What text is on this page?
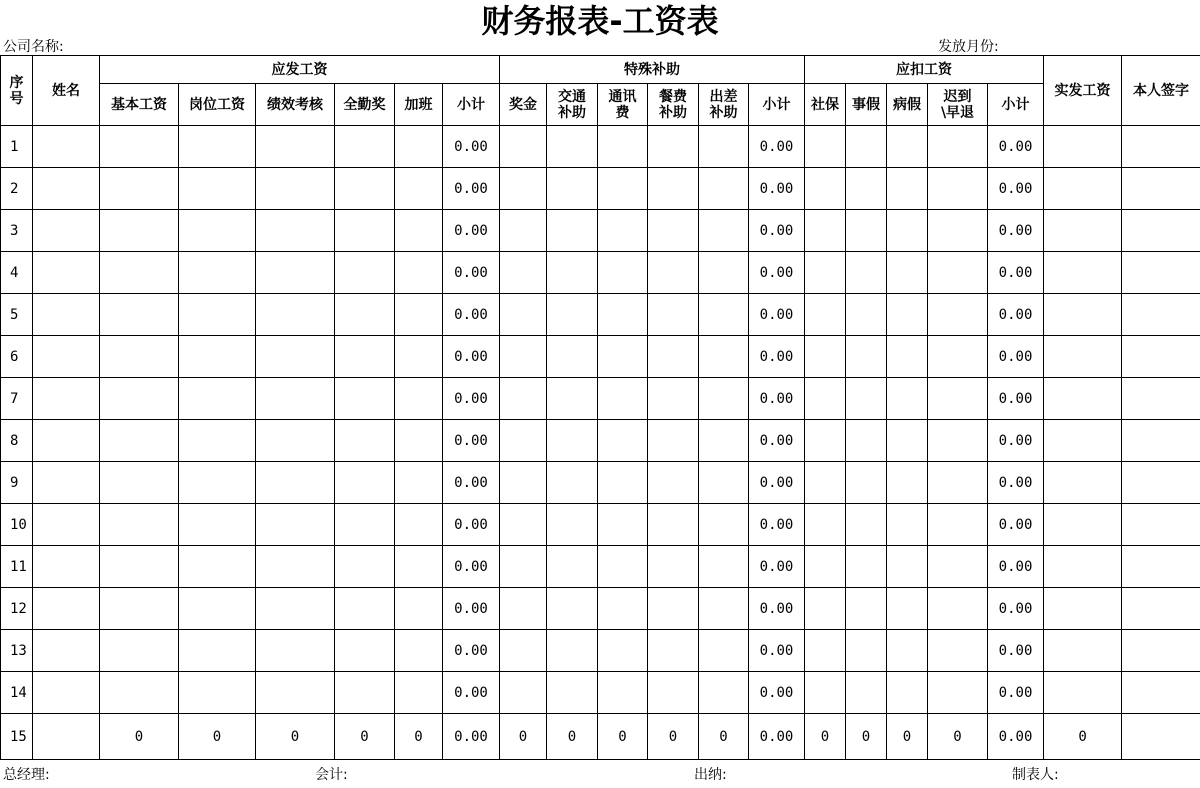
财务报表-工资表
公司名称:	发放月份:
序号	姓名	应发工资						特殊补助						应扣工资					实发工资	本人签字
		基本工资	岗位工资	绩效考核	全勤奖	加班	小计	奖金	交通补助	通讯费	餐费补助	出差补助	小计	社保	事假	病假	迟到\早退	小计		
1							0.00						0.00					0.00		
2							0.00						0.00					0.00		
3							0.00						0.00					0.00		
4							0.00						0.00					0.00		
5							0.00						0.00					0.00		
6							0.00						0.00					0.00		
7							0.00						0.00					0.00		
8							0.00						0.00					0.00		
9							0.00						0.00					0.00		
10							0.00						0.00					0.00		
11							0.00						0.00					0.00		
12							0.00						0.00					0.00		
13							0.00						0.00					0.00		
14							0.00						0.00					0.00		
15		0	0	0	0	0	0.00	0	0	0	0	0	0.00	0	0	0	0	0.00	0	
总经理:	会计:	出纳:	制表人:
